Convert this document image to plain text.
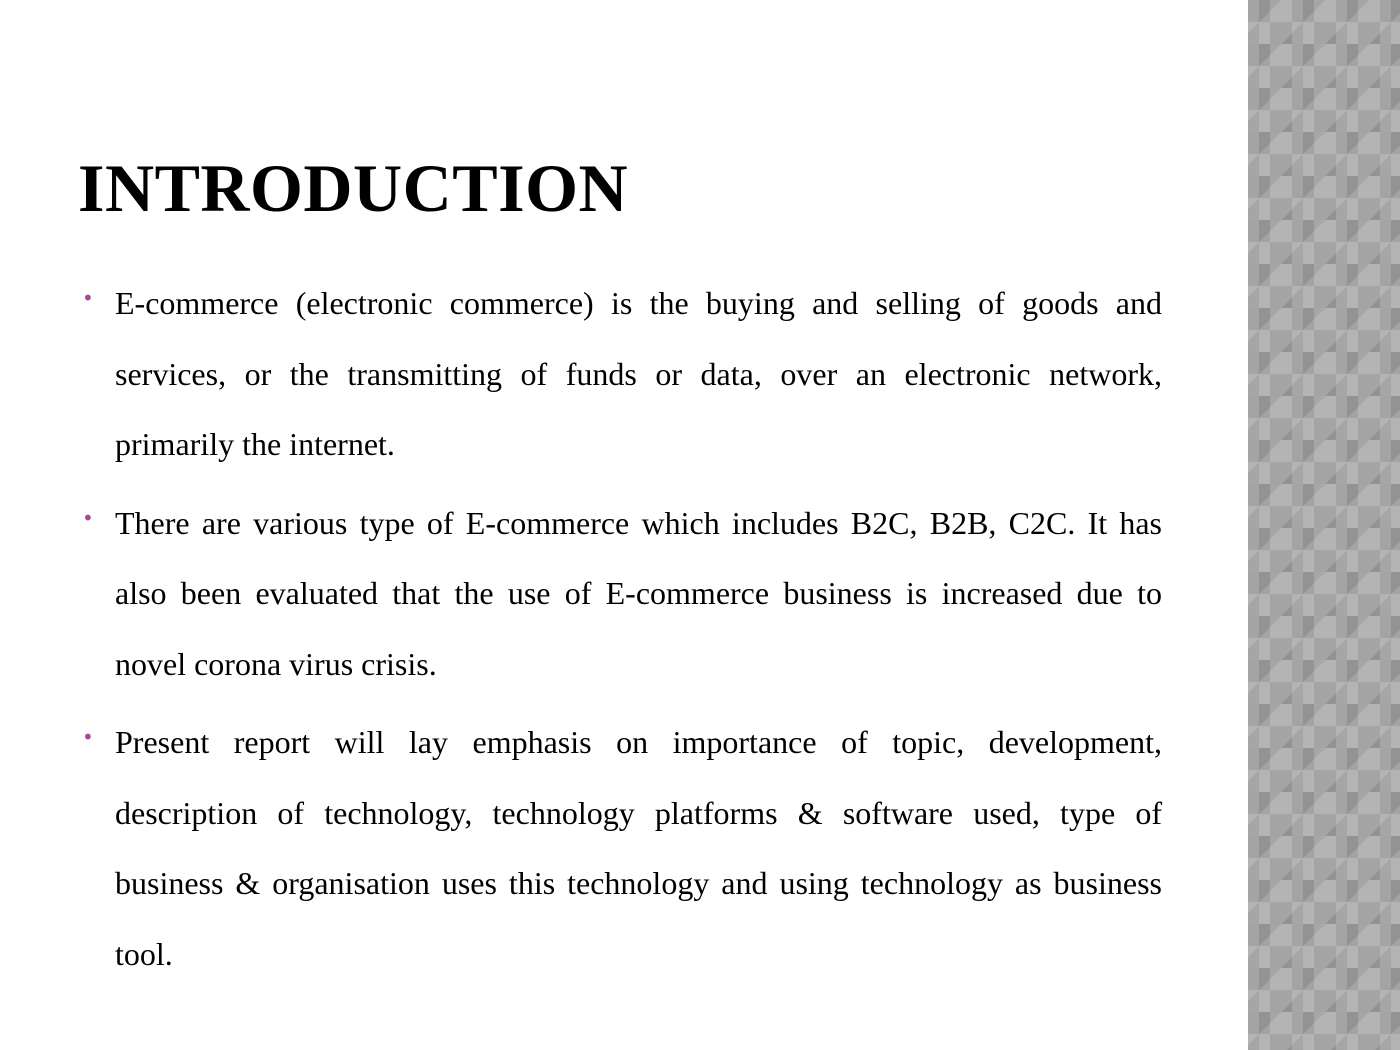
INTRODUCTION
• E-commerce (electronic commerce) is the buying and selling of goods and services, or the transmitting of funds or data, over an electronic network, primarily the internet.
• There are various type of E-commerce which includes B2C, B2B, C2C. It has also been evaluated that the use of E-commerce business is increased due to novel corona virus crisis.
• Present report will lay emphasis on importance of topic, development, description of technology, technology platforms & software used, type of business & organisation uses this technology and using technology as business tool.
